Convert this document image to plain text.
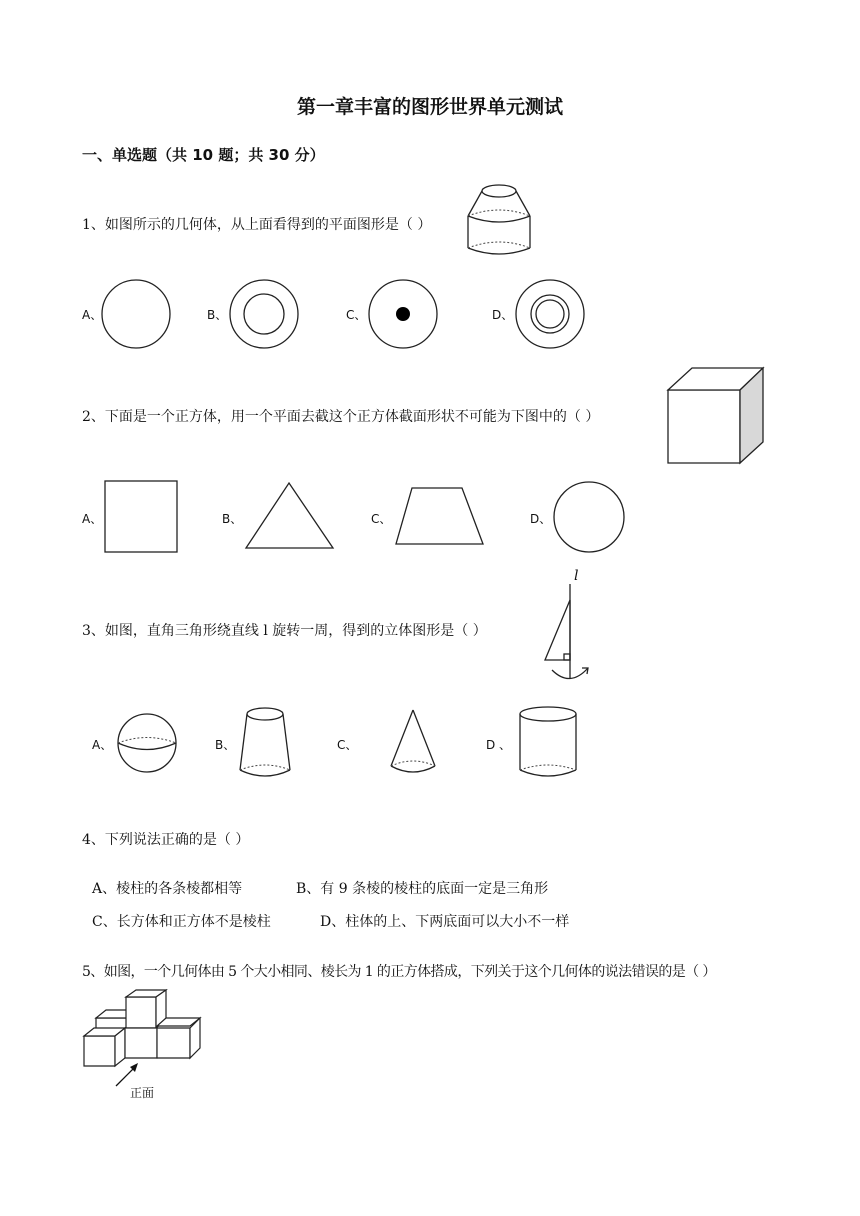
第一章丰富的图形世界单元测试
一、单选题（共 10 题；共 30 分）
1、如图所示的几何体，从上面看得到的平面图形是（ ）
A、	B、	C、	D、
2、下面是一个正方体，用一个平面去截这个正方体截面形状不可能为下图中的（ ）
A、	B、	C、	D、
3、如图，直角三角形绕直线 l 旋转一周，得到的立体图形是（ ）
l
A、	B、	C、	D 、
4、下列说法正确的是（ ）
A、棱柱的各条棱都相等	B、有 9 条棱的棱柱的底面一定是三角形
C、长方体和正方体不是棱柱	D、柱体的上、下两底面可以大小不一样
5、如图，一个几何体由 5 个大小相同、棱长为 1 的正方体搭成，下列关于这个几何体的说法错误的是（ ）
正面
